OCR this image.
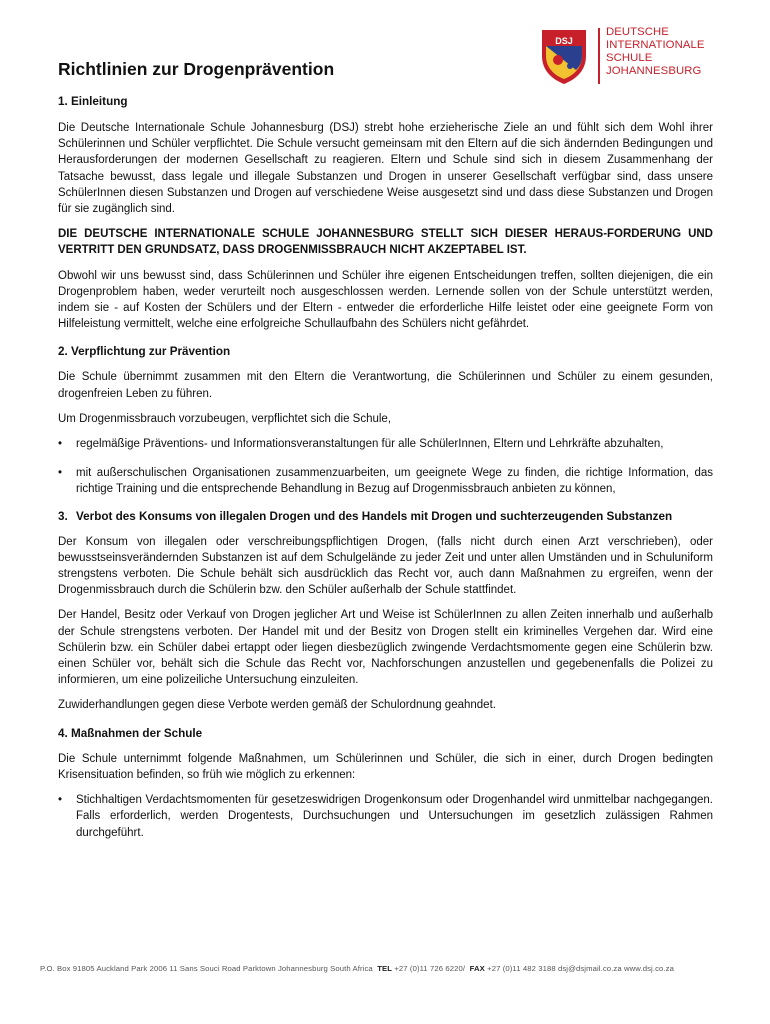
DSJ
DEUTSCHE
INTERNATIONALE
SCHULE
JOHANNESBURG
Richtlinien zur Drogenprävention
1. Einleitung

Die Deutsche Internationale Schule Johannesburg (DSJ) strebt hohe erzieherische Ziele an und fühlt sich dem Wohl ihrer Schülerinnen und Schüler verpflichtet. Die Schule versucht gemeinsam mit den Eltern auf die sich ändernden Bedingungen und Herausforderungen der modernen Gesellschaft zu reagieren. Eltern und Schule sind sich in diesem Zusammenhang der Tatsache bewusst, dass legale und illegale Substanzen und Drogen in unserer Gesellschaft verfügbar sind, dass unsere SchülerInnen diesen Substanzen und Drogen auf verschiedene Weise ausgesetzt sind und dass diese Substanzen und Drogen für sie zugänglich sind.

DIE DEUTSCHE INTERNATIONALE SCHULE JOHANNESBURG STELLT SICH DIESER HERAUS-FORDERUNG UND VERTRITT DEN GRUNDSATZ, DASS DROGENMISSBRAUCH NICHT AKZEPTABEL IST.

Obwohl wir uns bewusst sind, dass Schülerinnen und Schüler ihre eigenen Entscheidungen treffen, sollten diejenigen, die ein Drogenproblem haben, weder verurteilt noch ausgeschlossen werden. Lernende sollen von der Schule unterstützt werden, indem sie - auf Kosten der Schülers und der Eltern - entweder die erforderliche Hilfe leistet oder eine geeignete Form von Hilfeleistung vermittelt, welche eine erfolgreiche Schullaufbahn des Schülers nicht gefährdet.

2. Verpflichtung zur Prävention

Die Schule übernimmt zusammen mit den Eltern die Verantwortung, die Schülerinnen und Schüler zu einem gesunden, drogenfreien Leben zu führen.

Um Drogenmissbrauch vorzubeugen, verpflichtet sich die Schule,

• regelmäßige Präventions- und Informationsveranstaltungen für alle SchülerInnen, Eltern und Lehrkräfte abzuhalten,
• mit außerschulischen Organisationen zusammenzuarbeiten, um geeignete Wege zu finden, die richtige Information, das richtige Training und die entsprechende Behandlung in Bezug auf Drogenmissbrauch anbieten zu können,
3. Verbot des Konsums von illegalen Drogen und des Handels mit Drogen und suchterzeugenden Substanzen

Der Konsum von illegalen oder verschreibungspflichtigen Drogen, (falls nicht durch einen Arzt verschrieben), oder bewusstseinsverändernden Substanzen ist auf dem Schulgelände zu jeder Zeit und unter allen Umständen und in Schuluniform strengstens verboten. Die Schule behält sich ausdrücklich das Recht vor, auch dann Maßnahmen zu ergreifen, wenn der Drogenmissbrauch durch die Schülerin bzw. den Schüler außerhalb der Schule stattfindet.

Der Handel, Besitz oder Verkauf von Drogen jeglicher Art und Weise ist SchülerInnen zu allen Zeiten innerhalb und außerhalb der Schule strengstens verboten. Der Handel mit und der Besitz von Drogen stellt ein kriminelles Vergehen dar. Wird eine Schülerin bzw. ein Schüler dabei ertappt oder liegen diesbezüglich zwingende Verdachtsmomente gegen eine Schülerin bzw. einen Schüler vor, behält sich die Schule das Recht vor, Nachforschungen anzustellen und gegebenenfalls die Polizei zu informieren, um eine polizeiliche Untersuchung einzuleiten.

Zuwiderhandlungen gegen diese Verbote werden gemäß der Schulordnung geahndet.

4. Maßnahmen der Schule

Die Schule unternimmt folgende Maßnahmen, um Schülerinnen und Schüler, die sich in einer, durch Drogen bedingten Krisensituation befinden, so früh wie möglich zu erkennen:

• Stichhaltigen Verdachtsmomenten für gesetzeswidrigen Drogenkonsum oder Drogenhandel wird unmittelbar nachgegangen. Falls erforderlich, werden Drogentests, Durchsuchungen und Untersuchungen im gesetzlich zulässigen Rahmen durchgeführt.
P.O. Box 91805 Auckland Park 2006 11 Sans Souci Road Parktown Johannesburg South Africa TEL +27 (0)11 726 6220/ FAX +27 (0)11 482 3188 dsj@dsjmail.co.za www.dsj.co.za
